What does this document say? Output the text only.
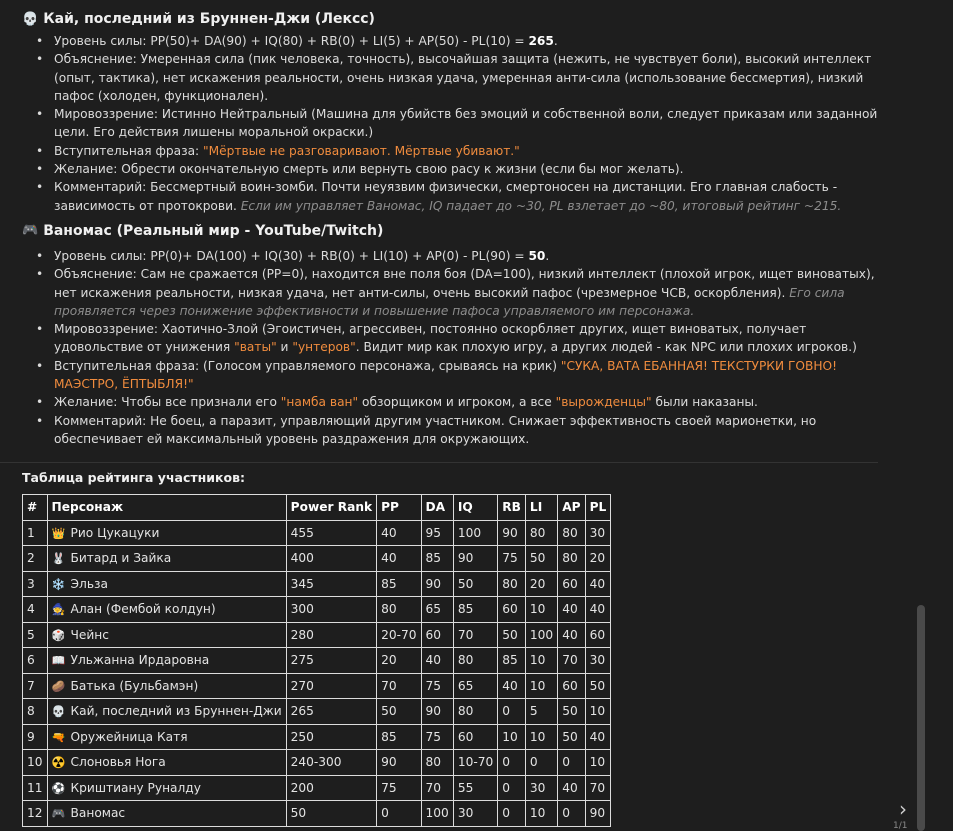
💀 Кай, последний из Бруннен-Джи (Лексс)
• Уровень силы: PP(50)+ DA(90) + IQ(80) + RB(0) + LI(5) + AP(50) - PL(10) = 265.
• Объяснение: Умеренная сила (пик человека, точность), высочайшая защита (нежить, не чувствует боли), высокий интеллект (опыт, тактика), нет искажения реальности, очень низкая удача, умеренная анти-сила (использование бессмертия), низкий пафос (холоден, функционален).
• Мировоззрение: Истинно Нейтральный (Машина для убийств без эмоций и собственной воли, следует приказам или заданной цели. Его действия лишены моральной окраски.)
• Вступительная фраза: "Мёртвые не разговаривают. Мёртвые убивают."
• Желание: Обрести окончательную смерть или вернуть свою расу к жизни (если бы мог желать).
• Комментарий: Бессмертный воин-зомби. Почти неуязвим физически, смертоносен на дистанции. Его главная слабость - зависимость от протокрови. Если им управляет Ваномас, IQ падает до ~30, PL взлетает до ~80, итоговый рейтинг ~215.
🎮 Ваномас (Реальный мир - YouTube/Twitch)
• Уровень силы: PP(0)+ DA(100) + IQ(30) + RB(0) + LI(10) + AP(0) - PL(90) = 50.
• Объяснение: Сам не сражается (PP=0), находится вне поля боя (DA=100), низкий интеллект (плохой игрок, ищет виноватых), нет искажения реальности, низкая удача, нет анти-силы, очень высокий пафос (чрезмерное ЧСВ, оскорбления). Его сила проявляется через понижение эффективности и повышение пафоса управляемого им персонажа.
• Мировоззрение: Хаотично-Злой (Эгоистичен, агрессивен, постоянно оскорбляет других, ищет виноватых, получает удовольствие от унижения "ваты" и "унтеров". Видит мир как плохую игру, а других людей - как NPC или плохих игроков.)
• Вступительная фраза: (Голосом управляемого персонажа, срываясь на крик) "СУКА, ВАТА ЕБАННАЯ! ТЕКСТУРКИ ГОВНО! МАЭСТРО, ЁПТЫБЛЯ!"
• Желание: Чтобы все признали его "намба ван" обзорщиком и игроком, а все "вырожденцы" были наказаны.
• Комментарий: Не боец, а паразит, управляющий другим участником. Снижает эффективность своей марионетки, но обеспечивает ей максимальный уровень раздражения для окружающих.
Таблица рейтинга участников:
#	Персонаж	Power Rank	PP	DA	IQ	RB	LI	AP	PL
1	👑 Рио Цукацуки	455	40	95	100	90	80	80	30
2	🐰 Битард и Зайка	400	40	85	90	75	50	80	20
3	❄️ Эльза	345	85	90	50	80	20	60	40
4	🧙 Алан (Фембой колдун)	300	80	65	85	60	10	40	40
5	🎲 Чейнс	280	20-70	60	70	50	100	40	60
6	📖 Ульжанна Ирдаровна	275	20	40	80	85	10	70	30
7	🥔 Батька (Бульбамэн)	270	70	75	65	40	10	60	50
8	💀 Кай, последний из Бруннен-Джи	265	50	90	80	0	5	50	10
9	🔫 Оружейница Катя	250	85	75	60	10	10	50	40
10	☢️ Слоновья Нога	240-300	90	80	10-70	0	0	0	10
11	⚽ Криштиану Руналду	200	75	70	55	0	30	40	70
12	🎮 Ваномас	50	0	100	30	0	10	0	90	›
1/1
